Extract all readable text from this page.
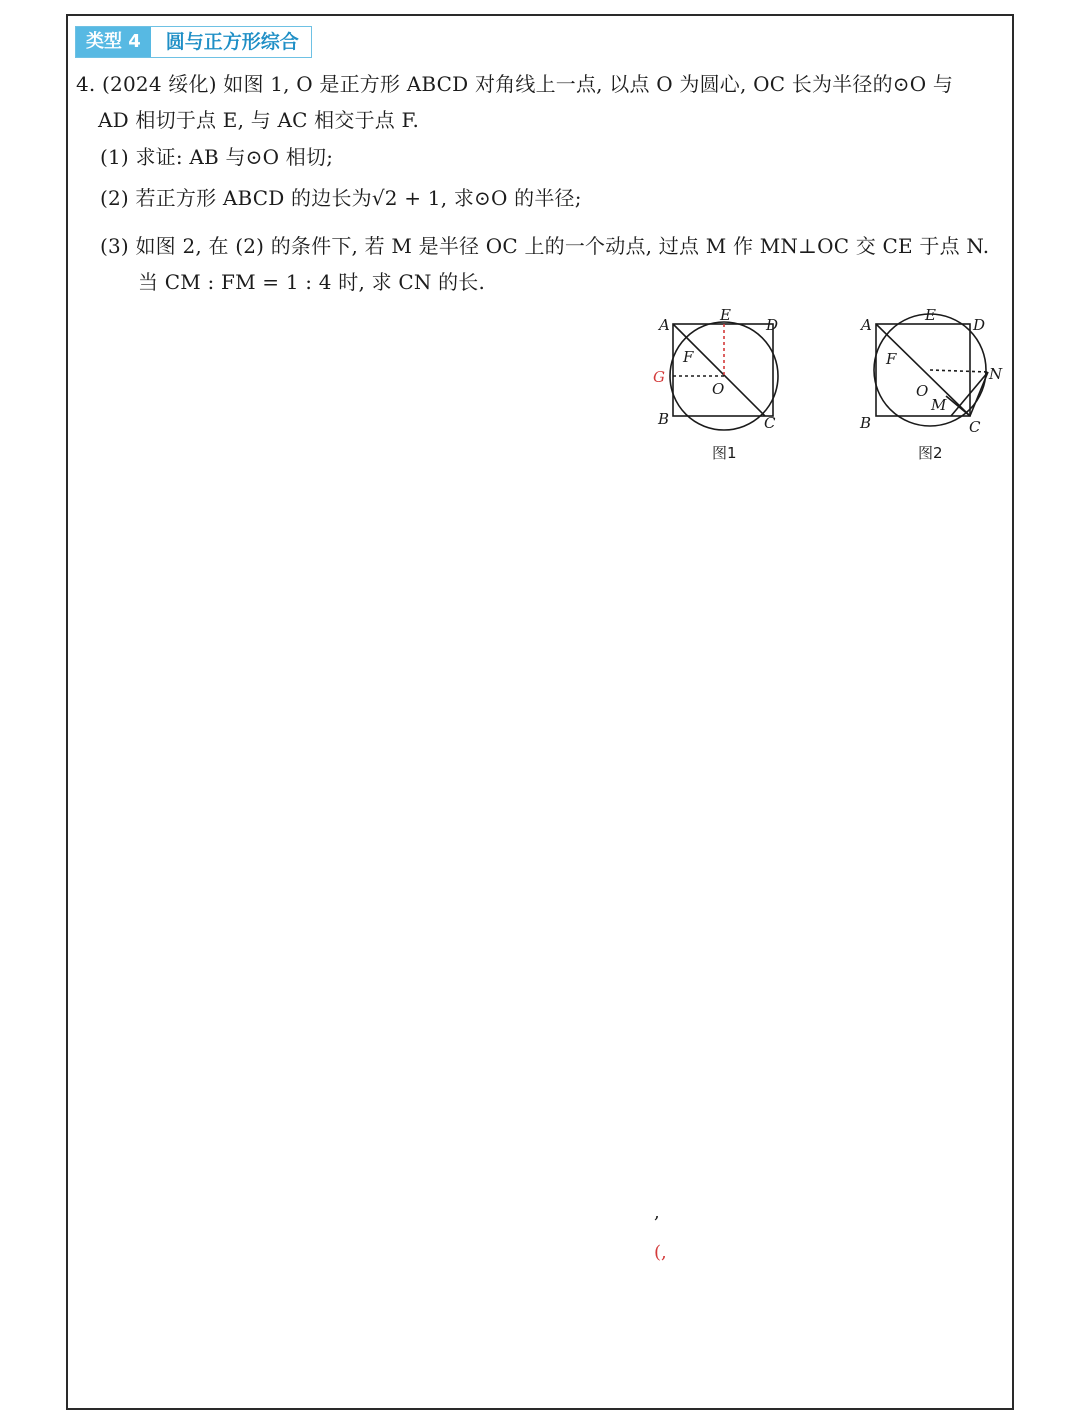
类型 4	圆与正方形综合
4. (2024 绥化) 如图 1, O 是正方形 ABCD 对角线上一点, 以点 O 为圆心, OC 长为半径的⊙O 与
AD 相切于点 E, 与 AC 相交于点 F.
(1) 求证: AB 与⊙O 相切;
(2) 若正方形 ABCD 的边长为√2 + 1, 求⊙O 的半径;
(3) 如图 2, 在 (2) 的条件下, 若 M 是半径 OC 上的一个动点, 过点 M 作 MN⊥OC 交 CE 于点 N.
当 CM : FM = 1 : 4 时, 求 CN 的长.
A
E
D
F
G
O
B	C
图1
A
E
D
F
O
M
N
B	C
图2
,
(,
